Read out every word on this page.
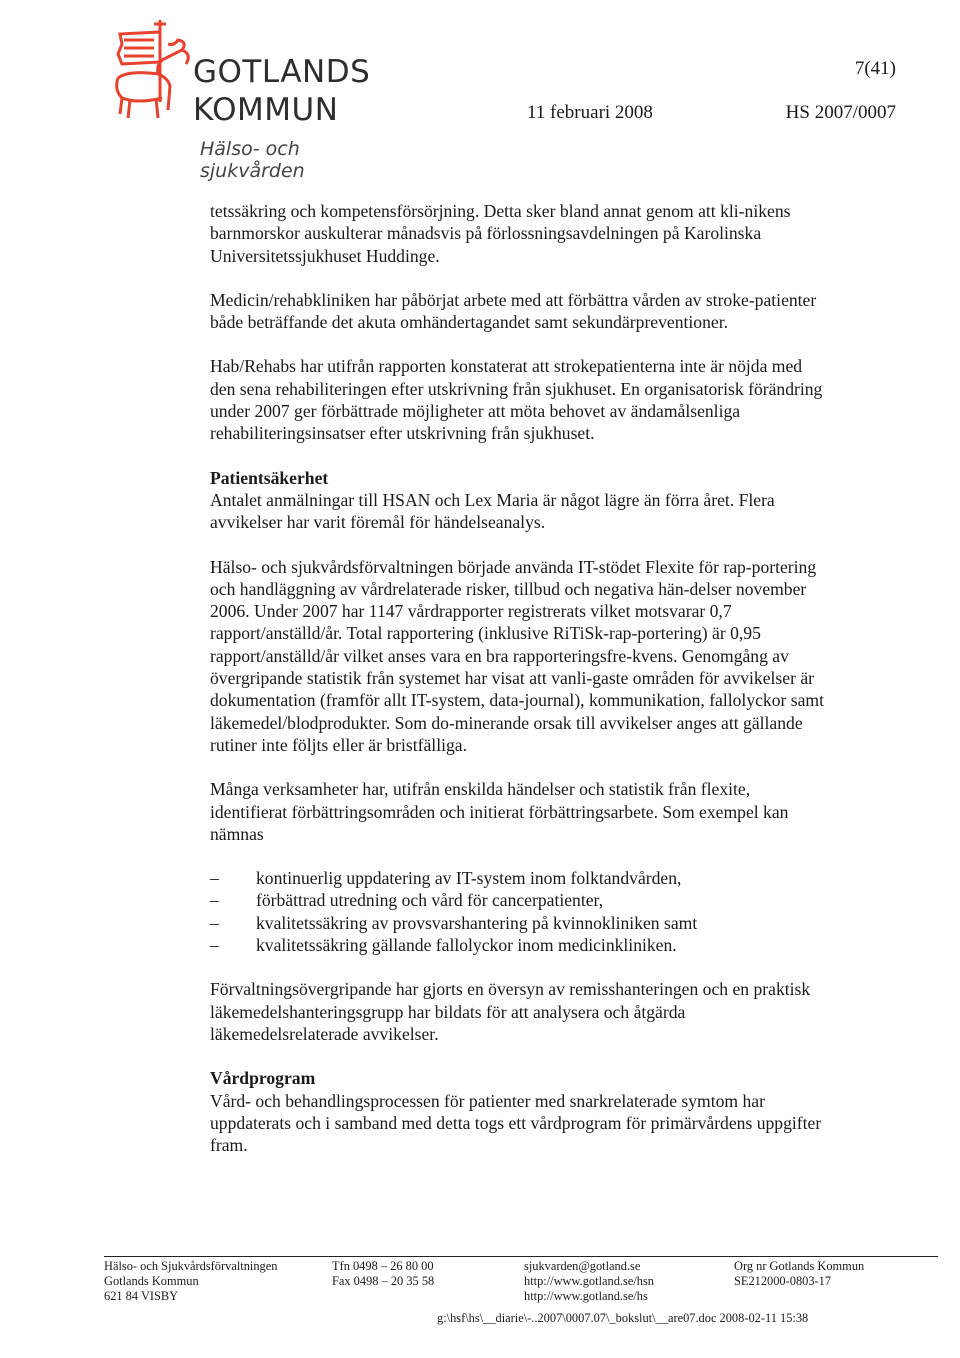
GOTLANDS
KOMMUN
Hälso- och sjukvården
7(41)
11 februari 2008	HS 2007/0007

tetssäkring och kompetensförsörjning. Detta sker bland annat genom att kli-nikens barnmorskor auskulterar månadsvis på förlossningsavdelningen på Karolinska Universitetssjukhuset Huddinge.

Medicin/rehabkliniken har påbörjat arbete med att förbättra vården av stroke-patienter både beträffande det akuta omhändertagandet samt sekundärpreventioner.

Hab/Rehabs har utifrån rapporten konstaterat att strokepatienterna inte är nöjda med den sena rehabiliteringen efter utskrivning från sjukhuset. En organisatorisk förändring under 2007 ger förbättrade möjligheter att möta behovet av ändamålsenliga rehabiliteringsinsatser efter utskrivning från sjukhuset.

Patientsäkerhet

Antalet anmälningar till HSAN och Lex Maria är något lägre än förra året. Flera avvikelser har varit föremål för händelseanalys.

Hälso- och sjukvårdsförvaltningen började använda IT-stödet Flexite för rap-portering och handläggning av vårdrelaterade risker, tillbud och negativa hän-delser november 2006. Under 2007 har 1147 vårdrapporter registrerats vilket motsvarar 0,7 rapport/anställd/år. Total rapportering (inklusive RiTiSk-rap-portering) är 0,95 rapport/anställd/år vilket anses vara en bra rapporteringsfre-kvens. Genomgång av övergripande statistik från systemet har visat att vanli-gaste områden för avvikelser är dokumentation (framför allt IT-system, data-journal), kommunikation, fallolyckor samt läkemedel/blodprodukter. Som do-minerande orsak till avvikelser anges att gällande rutiner inte följts eller är bristfälliga.

Många verksamheter har, utifrån enskilda händelser och statistik från flexite, identifierat förbättringsområden och initierat förbättringsarbete. Som exempel kan nämnas

– kontinuerlig uppdatering av IT-system inom folktandvården,
– förbättrad utredning och vård för cancerpatienter,
– kvalitetssäkring av provsvarshantering på kvinnokliniken samt
– kvalitetssäkring gällande fallolyckor inom medicinkliniken.

Förvaltningsövergripande har gjorts en översyn av remisshanteringen och en praktisk läkemedelshanteringsgrupp har bildats för att analysera och åtgärda läkemedelsrelaterade avvikelser.

Vårdprogram

Vård- och behandlingsprocessen för patienter med snarkrelaterade symtom har uppdaterats och i samband med detta togs ett vårdprogram för primärvårdens uppgifter fram.

Hälso- och Sjukvårdsförvaltningen
Gotlands Kommun
621 84 VISBY
Tfn 0498 – 26 80 00
Fax 0498 – 20 35 58
sjukvarden@gotland.se
http://www.gotland.se/hsn
http://www.gotland.se/hs
Org nr Gotlands Kommun
SE212000-0803-17
g:\hsf\hs\__diarie\-..2007\0007.07\_bokslut\__are07.doc 2008-02-11 15:38
